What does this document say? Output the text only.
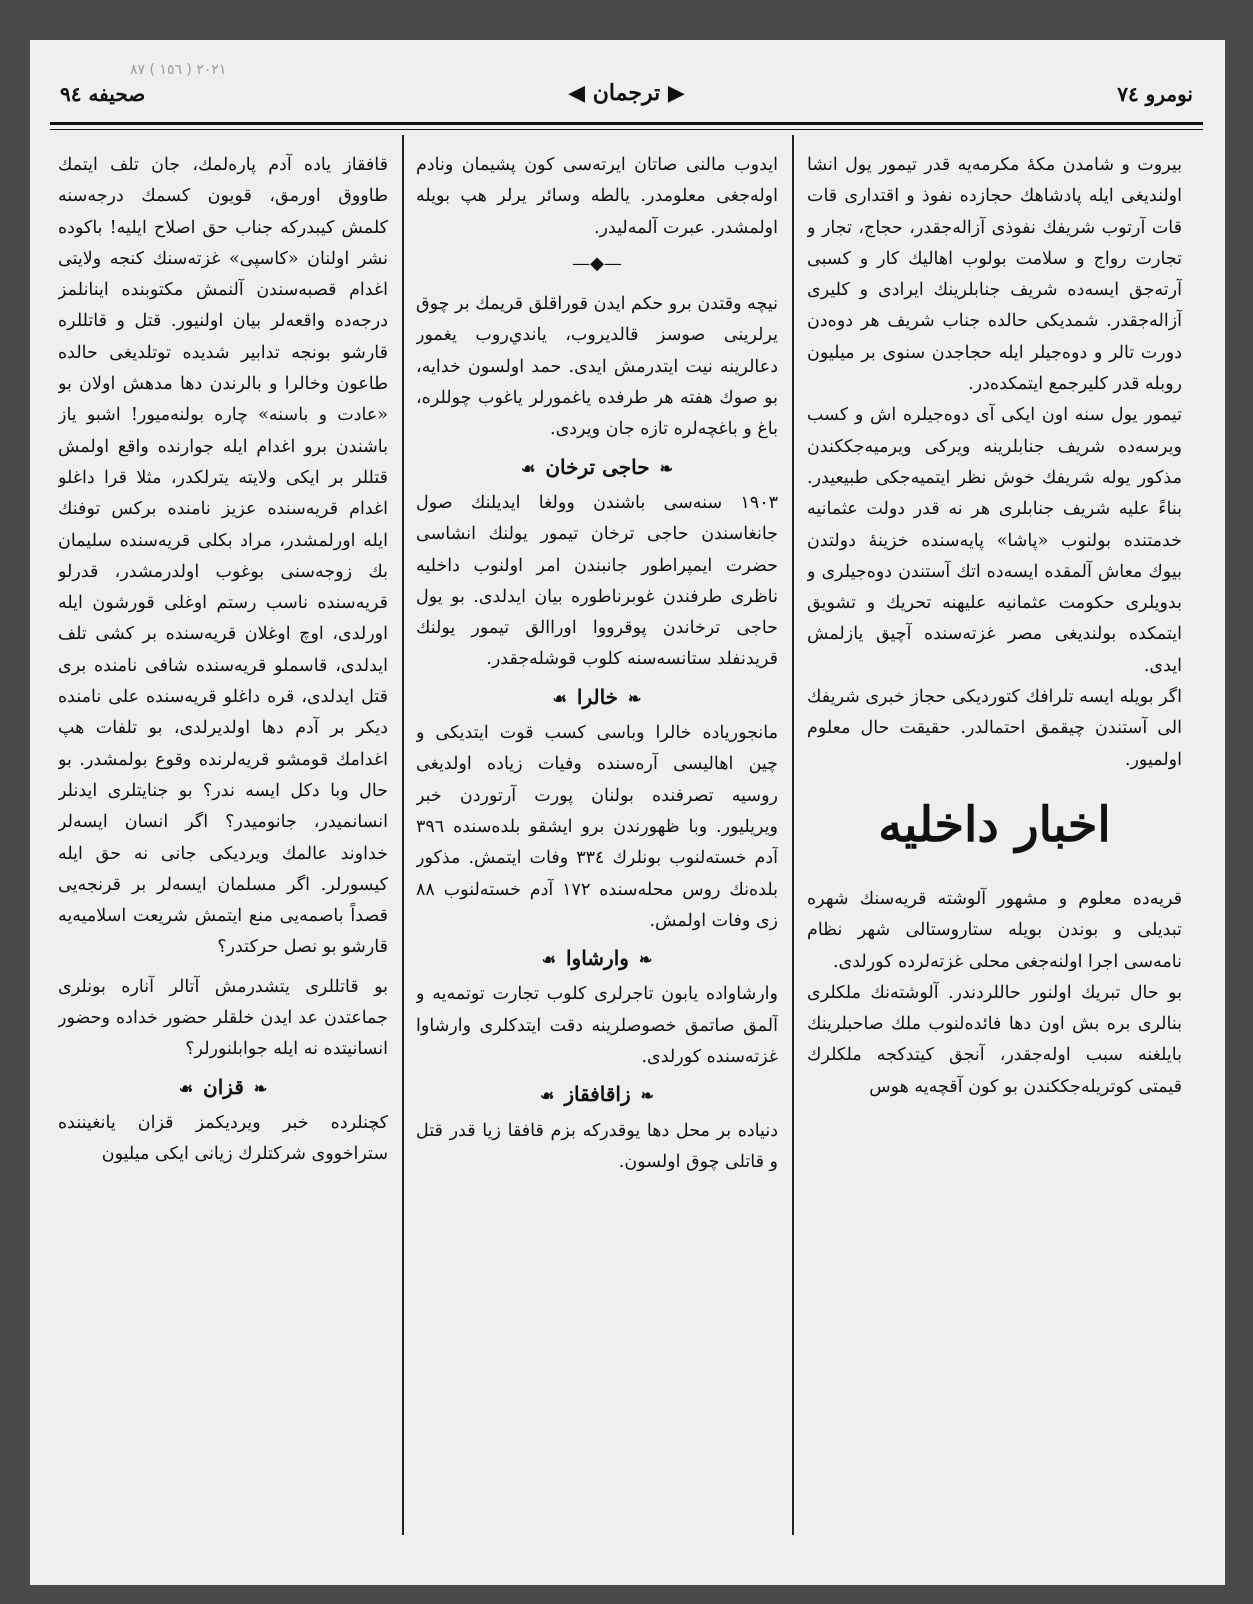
نومرو ٧٤
▶ ترجمان ◀
صحيفه ٩٤
٢٠٢١ ( ١٥٦ ) ٨٧

بيروت و شامدن مكهٔ مكرمه‌يه قدر تيمور يول انشا اولنديغى ايله پادشاهك حجازده نفوذ و اقتدارى قات قات آرتوب شريفك نفوذى آزاله‌جقدر، حجاج، تجار و تجارت رواج و سلامت بولوب اهاليك كار و كسبى آرته‌جق ايسه‌ده شريف جنابلرينك ايرادى و كليرى آزاله‌جقدر. شمديكى حالده جناب شريف هر دوه‌دن دورت تالر و دوه‌جيلر ايله حجاجدن سنوى بر ميليون روبله قدر كليرجمع ايتمكده‌در.

تيمور يول سنه اون ايكى آى دوه‌جيلره اش و كسب ويرسه‌ده شريف جنابلرينه ويركى ويرميه‌جككندن مذكور يوله شريفك خوش نظر ايتميه‌جكى طبيعيدر. بناءً عليه شريف جنابلرى هر نه قدر دولت عثمانيه خدمتنده بولنوب «پاشا» پايه‌سنده خزينهٔ دولتدن بيوك معاش آلمقده ايسه‌ده اتك آستندن دوه‌جيلرى و بدويلرى حكومت عثمانيه عليهنه تحريك و تشويق ايتمكده بولنديغى مصر غزته‌سنده آچيق يازلمش ايدى.

اگر بويله ايسه تلرافك كتورديكى حجاز خبرى شريفك الى آستندن چيقمق احتمالدر. حقيقت حال معلوم اولميور.

اخبار داخليه

قريه‌ده معلوم و مشهور آلوشته قريه‌سنك شهره تبديلى و بوندن بويله ستاروستالى شهر نظام نامه‌سى اجرا اولنه‌جغى محلى غزته‌لرده كورلدى.

بو حال تبريك اولنور حاللردندر. آلوشته‌نك ملكلرى بنالرى بره بش اون دها فائده‌لنوب ملك صاحبلرينك بايلغنه سبب اوله‌جقدر، آنجق كيتدكجه ملكلرك قيمتى كوتريله‌جككندن بو كون آقچه‌يه هوس

ايدوب مالنى صاتان ايرته‌سى كون پشيمان ونادم اوله‌جغى معلومدر. يالطه وسائر يرلر هپ بويله اولمشدر. عبرت آلمه‌ليدر.

—◆—

نيچه وقتدن برو حكم ايدن قوراقلق قريمك بر چوق يرلرينى صوسز قالديروب، ياندي‌روب يغمور دعالرينه نيت ايتدرمش ايدى. حمد اولسون خدايه، بو صوك هفته هر طرفده ياغمورلر ياغوب چوللره، باغ و باغچه‌لره تازه جان ويردى.

❧حاجى ترخان☙

١٩٠٣ سنه‌سى باشندن وولغا ايديلنك صول جانغاسندن حاجى ترخان تيمور يولنك انشاسى حضرت ايمپراطور جانبندن امر اولنوب داخليه ناظرى طرفندن غوبرناطوره بيان ايدلدى. بو يول حاجى ترخاندن پوقرووا اوراالق تيمور يولنك قريدنفلد ستانسه‌سنه كلوب قوشله‌جقدر.

❧خالرا☙

مانجورياده خالرا وباسى كسب قوت ايتديكى و چين اهاليسى آره‌سنده وفيات زياده اولديغى روسيه تصرفنده بولنان پورت آرتوردن خبر ويريليور. وبا ظهورندن برو ايشقو بلده‌سنده ٣٩٦ آدم خسته‌لنوب بونلرك ٣٣٤ وفات ايتمش. مذكور بلده‌نك روس محله‌سنده ١٧٢ آدم خسته‌لنوب ٨٨ زى وفات اولمش.

❧وارشاوا☙

وارشاواده يابون تاجرلرى كلوب تجارت توتمه‌يه و آلمق صاتمق خصوصلرينه دقت ايتدكلرى وارشاوا غزته‌سنده كورلدى.

❧زاقافقاز☙

دنياده بر محل دها يوقدركه بزم قافقا زيا قدر قتل و قاتلى چوق اولسون.

قافقاز ياده آدم پاره‌لمك، جان تلف ايتمك طاووق اورمق، قويون كسمك درجه‌سنه كلمش كيبدركه جناب حق اصلاح ايليه! باكوده نشر اولنان «كاسپى» غزته‌سنك كنجه ولايتى اغدام قصبه‌سندن آلنمش مكتوبنده اينانلمز درجه‌ده واقعه‌لر بيان اولنيور. قتل و قاتللره قارشو بونجه تدابير شديده توتلديغى حالده طاعون وخالرا و بالرندن دها مدهش اولان بو «عادت و باسنه» چاره بولنه‌ميور! اشبو ياز باشندن برو اغدام ايله جوارنده واقع اولمش قتللر بر ايكى ولايته يترلكدر، مثلا قرا داغلو اغدام قريه‌سنده عزيز نامنده بركس توفنك ايله اورلمشدر، مراد بكلى قريه‌سنده سليمان بك زوجه‌سنى بوغوب اولدرمشدر، قدرلو قريه‌سنده ناسب رستم اوغلى قورشون ايله اورلدى، اوچ اوغلان قريه‌سنده بر كشى تلف ايدلدى، قاسملو قريه‌سنده شافى نامنده برى قتل ايدلدى، قره داغلو قريه‌سنده على نامنده ديكر بر آدم دها اولديرلدى، بو تلفات هپ اغدامك قومشو قريه‌لرنده وقوع بولمشدر. بو حال وبا دكل ايسه ندر؟ بو جنايتلرى ايدنلر انسانميدر، جانوميدر؟ اگر انسان ايسه‌لر خداوند عالمك ويرديكى جانى نه حق ايله كيسورلر. اگر مسلمان ايسه‌لر بر قرنجه‌يى قصداً باصمه‌يى منع ايتمش شريعت اسلاميه‌يه قارشو بو نصل حركتدر؟

بو قاتللرى يتشدرمش آتالر آناره بونلرى جماعتدن عد ايدن خلقلر حضور خداده وحضور انسانيتده نه ايله جوابلنورلر؟

❧قزان☙

كچنلرده خبر ويرديكمز قزان يانغيننده ستراخووى شركتلرك زيانى ايكى ميليون
